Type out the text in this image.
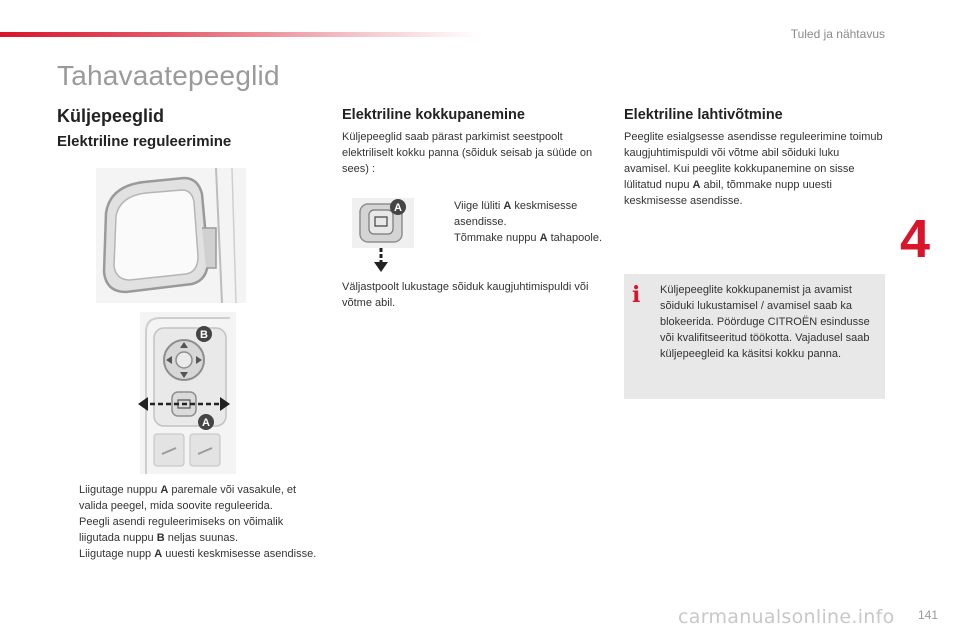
Tuled ja nähtavus
Tahavaatepeeglid
4
Küljepeeglid
Elektriline reguleerimine
B
A
Liigutage nuppu A paremale või vasakule, et valida peegel, mida soovite reguleerida.
Peegli asendi reguleerimiseks on võimalik liigutada nuppu B neljas suunas.
Liigutage nupp A uuesti keskmisesse asendisse.
Elektriline kokkupanemine
Küljepeeglid saab pärast parkimist seestpoolt elektriliselt kokku panna (sõiduk seisab ja süüde on sees) :
A	Viige lüliti A keskmisesse asendisse.
Tõmmake nuppu A tahapoole.
Väljastpoolt lukustage sõiduk kaugjuhtimispuldi või võtme abil.
Elektriline lahtivõtmine
Peeglite esialgsesse asendisse reguleerimine toimub kaugjuhtimispuldi või võtme abil sõiduki luku avamisel. Kui peeglite kokkupanemine on sisse lülitatud nupu A abil, tõmmake nupp uuesti keskmisesse asendisse.
i	Küljepeeglite kokkupanemist ja avamist sõiduki lukustamisel / avamisel saab ka blokeerida. Pöörduge CITROËN esindusse või kvalifitseeritud töökotta. Vajadusel saab küljepeegleid ka käsitsi kokku panna.
carmanualsonline.info 141
